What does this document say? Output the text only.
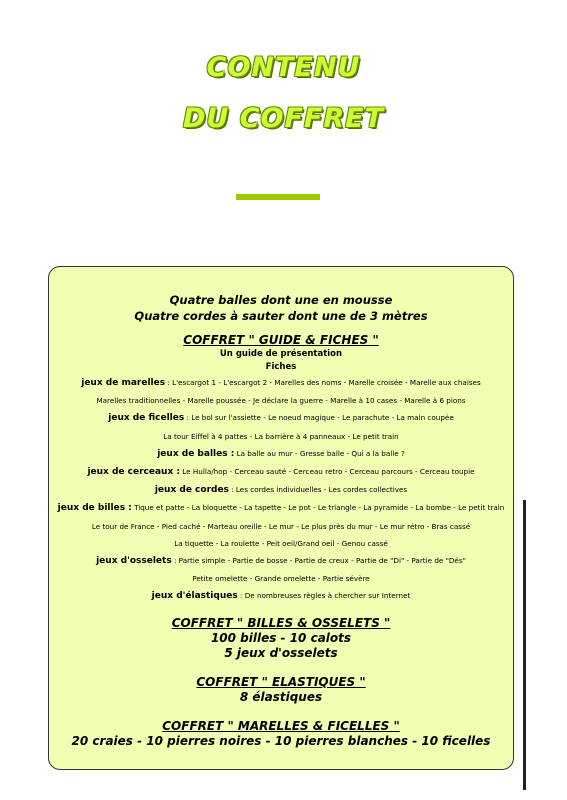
CONTENU
DU COFFRET
Quatre balles dont une en mousse
Quatre cordes à sauter dont une de 3 mètres
COFFRET " GUIDE & FICHES "
Un guide de présentation
Fiches
jeux de marelles : L'escargot 1 - L'escargot 2 - Marelles des noms - Marelle croisée - Marelle aux chaises
Marelles traditionnelles - Marelle poussée - Je déclare la guerre - Marelle à 10 cases - Marelle à 6 pions
jeux de ficelles : Le bol sur l'assiette - Le noeud magique - Le parachute - La main coupée
La tour Eiffel à 4 pattes - La barrière à 4 panneaux - Le petit train
jeux de balles : La balle au mur - Gresse balle - Qui a la balle ?
jeux de cerceaux : Le Hulla/hop - Cerceau sauté - Cerceau retro - Cerceau parcours - Cerceau toupie
jeux de cordes : Les cordes individuelles - Les cordes collectives
jeux de billes : Tique et patte - La bloquette - La tapette - Le pot - Le triangle - La pyramide - La bombe - Le petit train
Le tour de France - Pied caché - Marteau oreille - Le mur - Le plus près du mur - Le mur rétro - Bras cassé
La tiquette - La roulette - Peit oeil/Grand oeil - Genou cassé
jeux d'osselets : Partie simple - Partie de bosse - Partie de creux - Partie de "Di" - Partie de "Dés"
Petite omelette - Grande omelette - Partie sévère
jeux d'élastiques : De nombreuses règles à chercher sur Internet
COFFRET " BILLES & OSSELETS "
100 billes - 10 calots
5 jeux d'osselets
COFFRET " ELASTIQUES "
8 élastiques
COFFRET " MARELLES & FICELLES "
20 craies - 10 pierres noires - 10 pierres blanches - 10 ficelles
